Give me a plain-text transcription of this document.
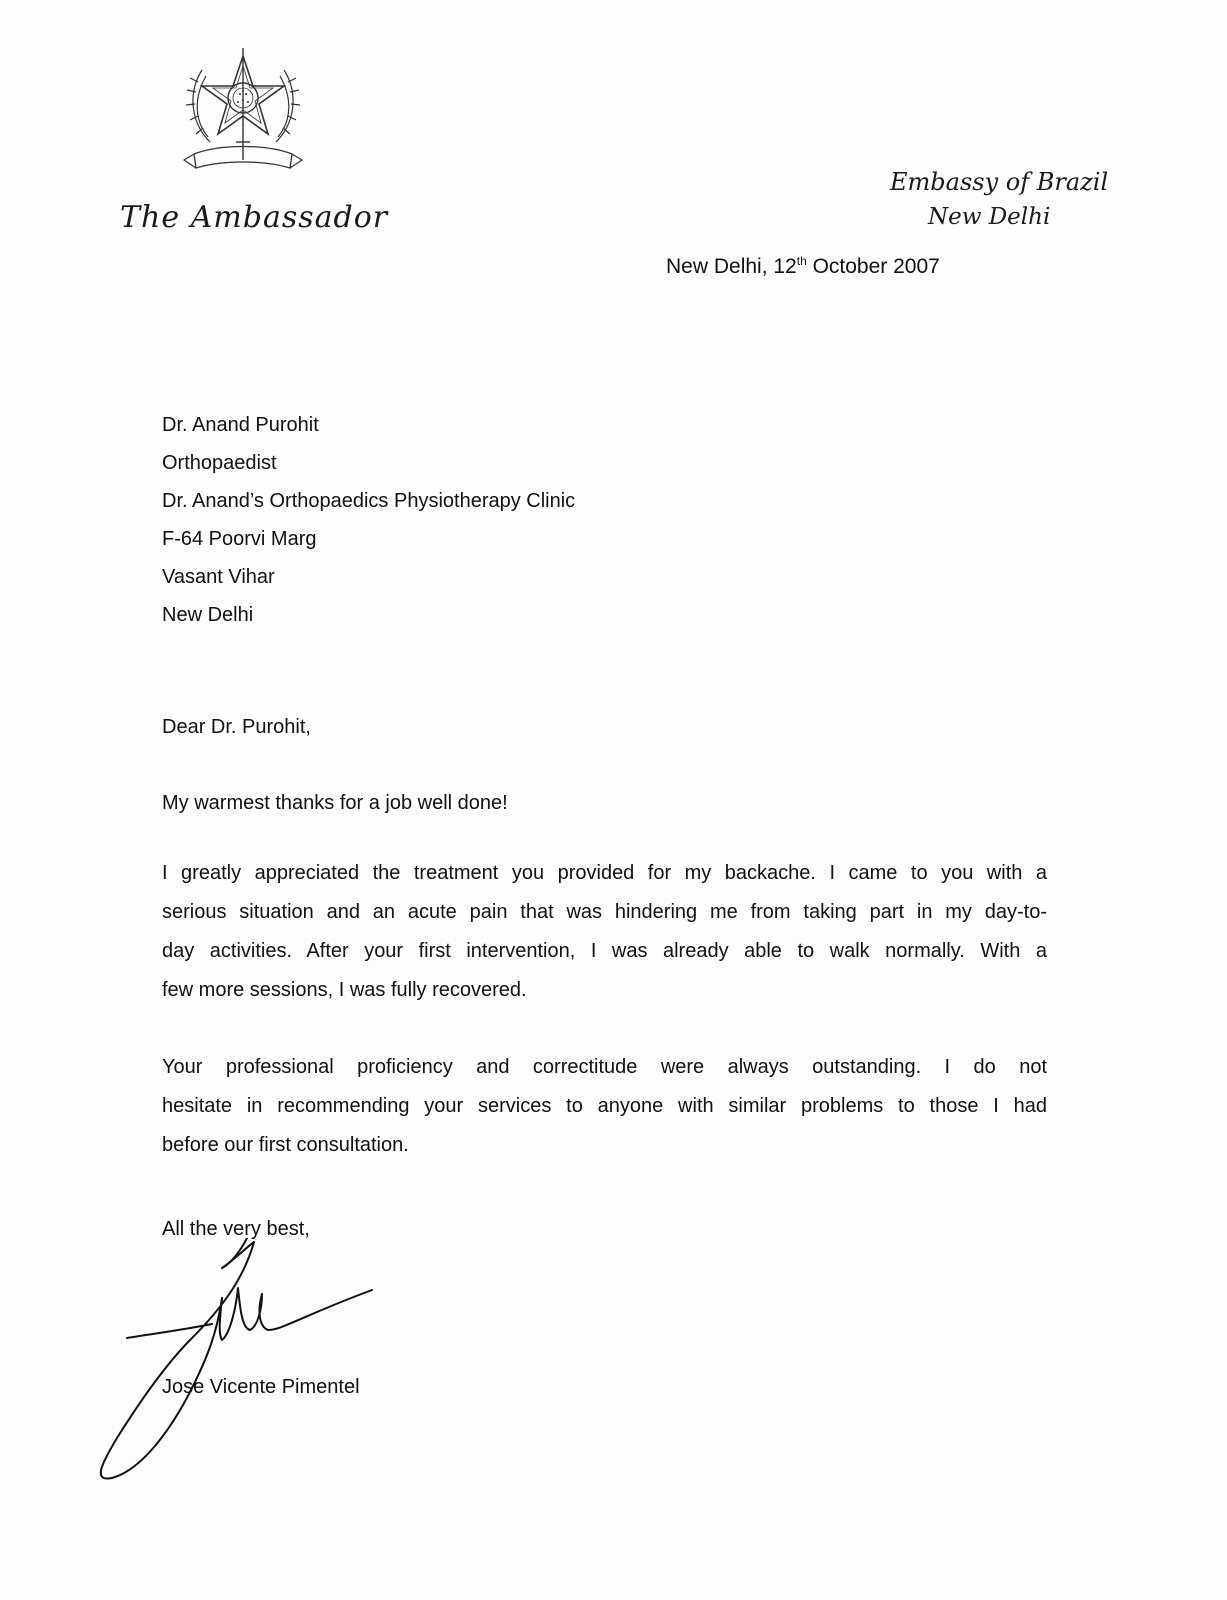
The Ambassador
Embassy of Brazil
New Delhi
New Delhi, 12th October 2007
Dr. Anand Purohit
Orthopaedist
Dr. Anand’s Orthopaedics Physiotherapy Clinic
F-64 Poorvi Marg
Vasant Vihar
New Delhi
Dear Dr. Purohit,
My warmest thanks for a job well done!
I greatly appreciated the treatment you provided for my backache. I came to you with a
serious situation and an acute pain that was hindering me from taking part in my day-to-
day activities. After your first intervention, I was already able to walk normally. With a
few more sessions, I was fully recovered.
Your professional proficiency and correctitude were always outstanding. I do not
hesitate in recommending your services to anyone with similar problems to those I had
before our first consultation.
All the very best,
Jose Vicente Pimentel
